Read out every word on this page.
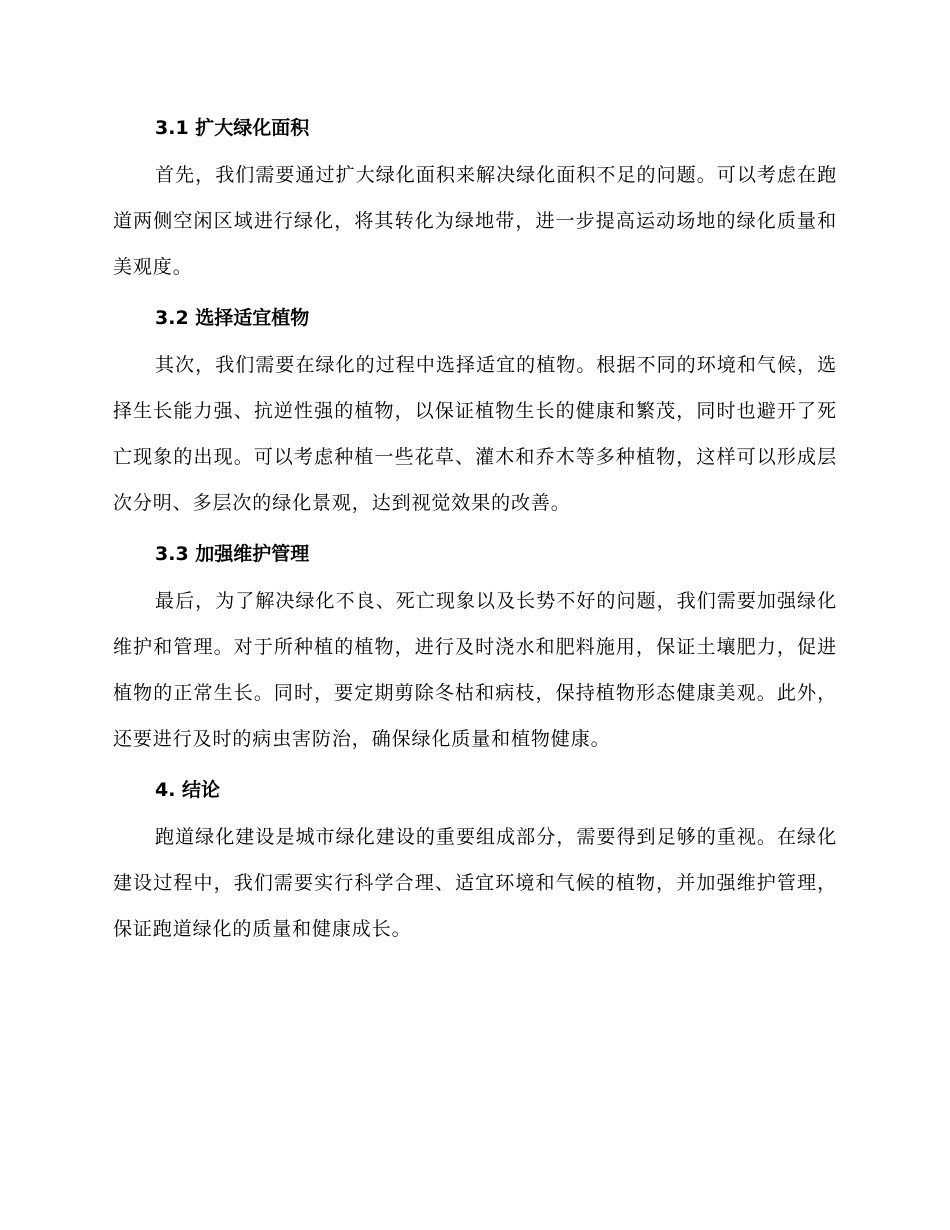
3.1 扩大绿化面积

首先，我们需要通过扩大绿化面积来解决绿化面积不足的问题。可以考虑在跑道两侧空闲区域进行绿化，将其转化为绿地带，进一步提高运动场地的绿化质量和美观度。

3.2 选择适宜植物

其次，我们需要在绿化的过程中选择适宜的植物。根据不同的环境和气候，选择生长能力强、抗逆性强的植物，以保证植物生长的健康和繁茂，同时也避开了死亡现象的出现。可以考虑种植一些花草、灌木和乔木等多种植物，这样可以形成层次分明、多层次的绿化景观，达到视觉效果的改善。

3.3 加强维护管理

最后，为了解决绿化不良、死亡现象以及长势不好的问题，我们需要加强绿化维护和管理。对于所种植的植物，进行及时浇水和肥料施用，保证土壤肥力，促进植物的正常生长。同时，要定期剪除冬枯和病枝，保持植物形态健康美观。此外，还要进行及时的病虫害防治，确保绿化质量和植物健康。

4. 结论

跑道绿化建设是城市绿化建设的重要组成部分，需要得到足够的重视。在绿化建设过程中，我们需要实行科学合理、适宜环境和气候的植物，并加强维护管理，保证跑道绿化的质量和健康成长。
